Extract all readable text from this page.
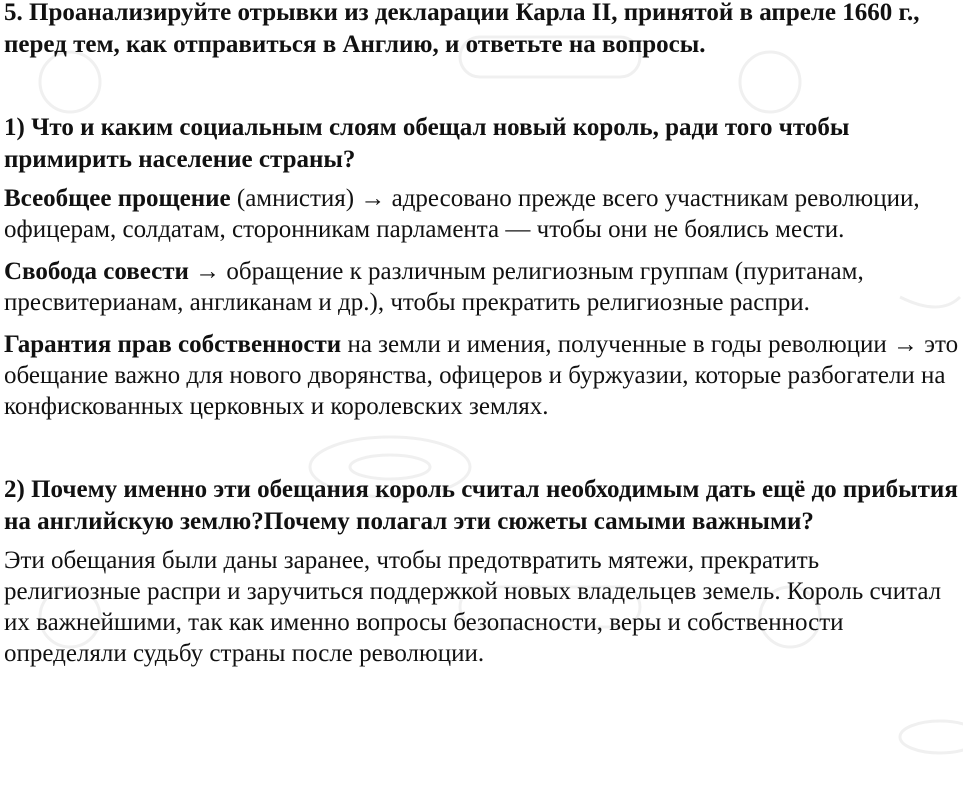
5. Проанализируйте отрывки из декларации Карла II, принятой в апреле 1660 г., перед тем, как отправиться в Англию, и ответьте на вопросы.
1) Что и каким социальным слоям обещал новый король, ради того чтобы примирить население страны?

Всеобщее прощение (амнистия) → адресовано прежде всего участникам революции, офицерам, солдатам, сторонникам парламента — чтобы они не боялись мести.

Свобода совести → обращение к различным религиозным группам (пуританам, пресвитерианам, англиканам и др.), чтобы прекратить религиозные распри.

Гарантия прав собственности на земли и имения, полученные в годы революции → это обещание важно для нового дворянства, офицеров и буржуазии, которые разбогатели на конфискованных церковных и королевских землях.

2) Почему именно эти обещания король считал необходимым дать ещё до прибытия на английскую землю?Почему полагал эти сюжеты самыми важными?

Эти обещания были даны заранее, чтобы предотвратить мятежи, прекратить религиозные распри и заручиться поддержкой новых владельцев земель. Король считал их важнейшими, так как именно вопросы безопасности, веры и собственности определяли судьбу страны после революции.
